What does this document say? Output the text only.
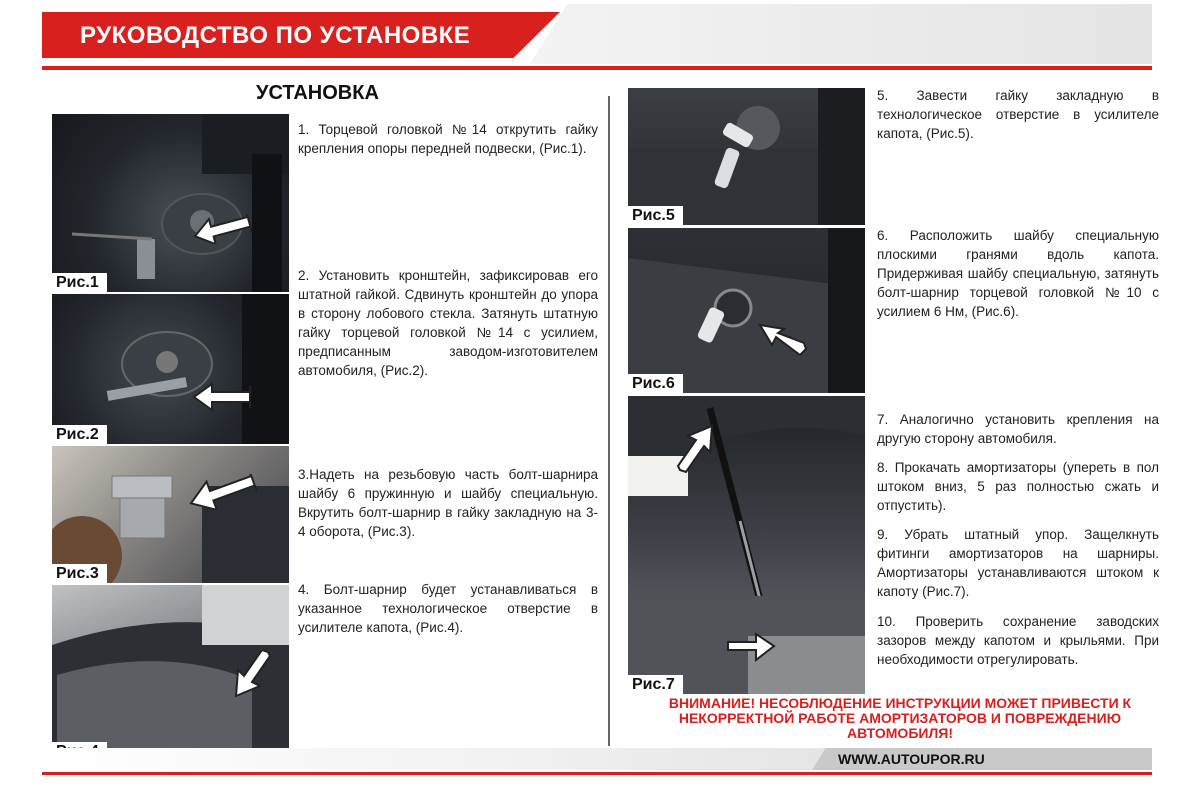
РУКОВОДСТВО ПО УСТАНОВКЕ
УСТАНОВКА
Рис.1
Рис.2
Рис.3
1. Торцевой головкой №14 открутить гайку крепления опоры передней подвески, (Рис.1).
2. Установить кронштейн, зафиксировав его штатной гайкой. Сдвинуть кронштейн до упора в сторону лобового стекла. Затянуть штатную гайку торцевой головкой №14 с усилием, предписанным заводом-изготовителем автомобиля, (Рис.2).
3.Надеть на резьбовую часть болт-шарнира шайбу 6 пружинную и шайбу специальную. Вкрутить болт-шарнир в гайку закладную на 3-4 оборота, (Рис.3).
4. Болт-шарнир будет устанавливаться в указанное технологическое отверстие в усилителе капота, (Рис.4).
Рис.5
Рис.6
Рис.7
5. Завести гайку закладную в технологическое отверстие в усилителе капота, (Рис.5).
6. Расположить шайбу специальную плоскими гранями вдоль капота. Придерживая шайбу специальную, затянуть болт-шарнир торцевой головкой №10 с усилием 6 Нм, (Рис.6).
7. Аналогично установить крепления на другую сторону автомобиля.
8. Прокачать амортизаторы (упереть в пол штоком вниз, 5 раз полностью сжать и отпустить).
9. Убрать штатный упор. Защелкнуть фитинги амортизаторов на шарниры. Амортизаторы устанавливаются штоком к капоту (Рис.7).
10. Проверить сохранение заводских зазоров между капотом и крыльями. При необходимости отрегулировать.
ВНИМАНИЕ! НЕСОБЛЮДЕНИЕ ИНСТРУКЦИИ МОЖЕТ ПРИВЕСТИ К
НЕКОРРЕКТНОЙ РАБОТЕ АМОРТИЗАТОРОВ И ПОВРЕЖДЕНИЮ
АВТОМОБИЛЯ!
WWW.AUTOUPOR.RU
